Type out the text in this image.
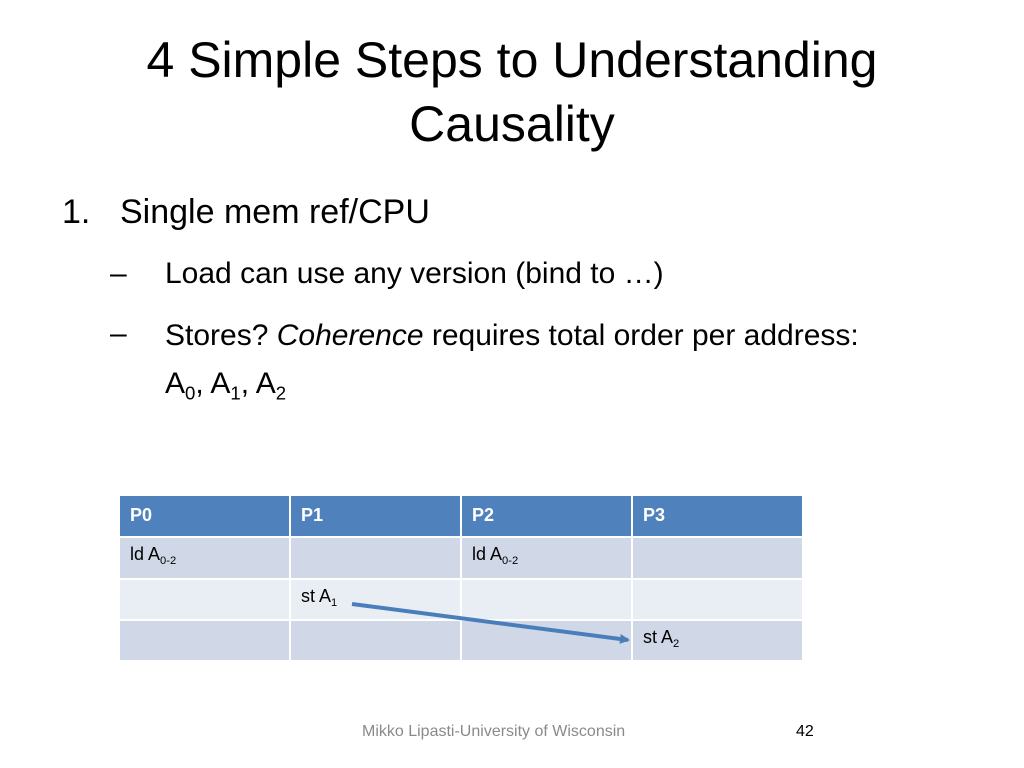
4 Simple Steps to Understanding
Causality
1. Single mem ref/CPU
– Load can use any version (bind to …)
– Stores? Coherence requires total order per address: $A_0$, $A_1$, $A_2$
P0	P1	P2	P3
ld $A_{0-2}$		ld $A_{0-2}$	
	st $A_1$		
			st $A_2$
Mikko Lipasti-University of Wisconsin	42
